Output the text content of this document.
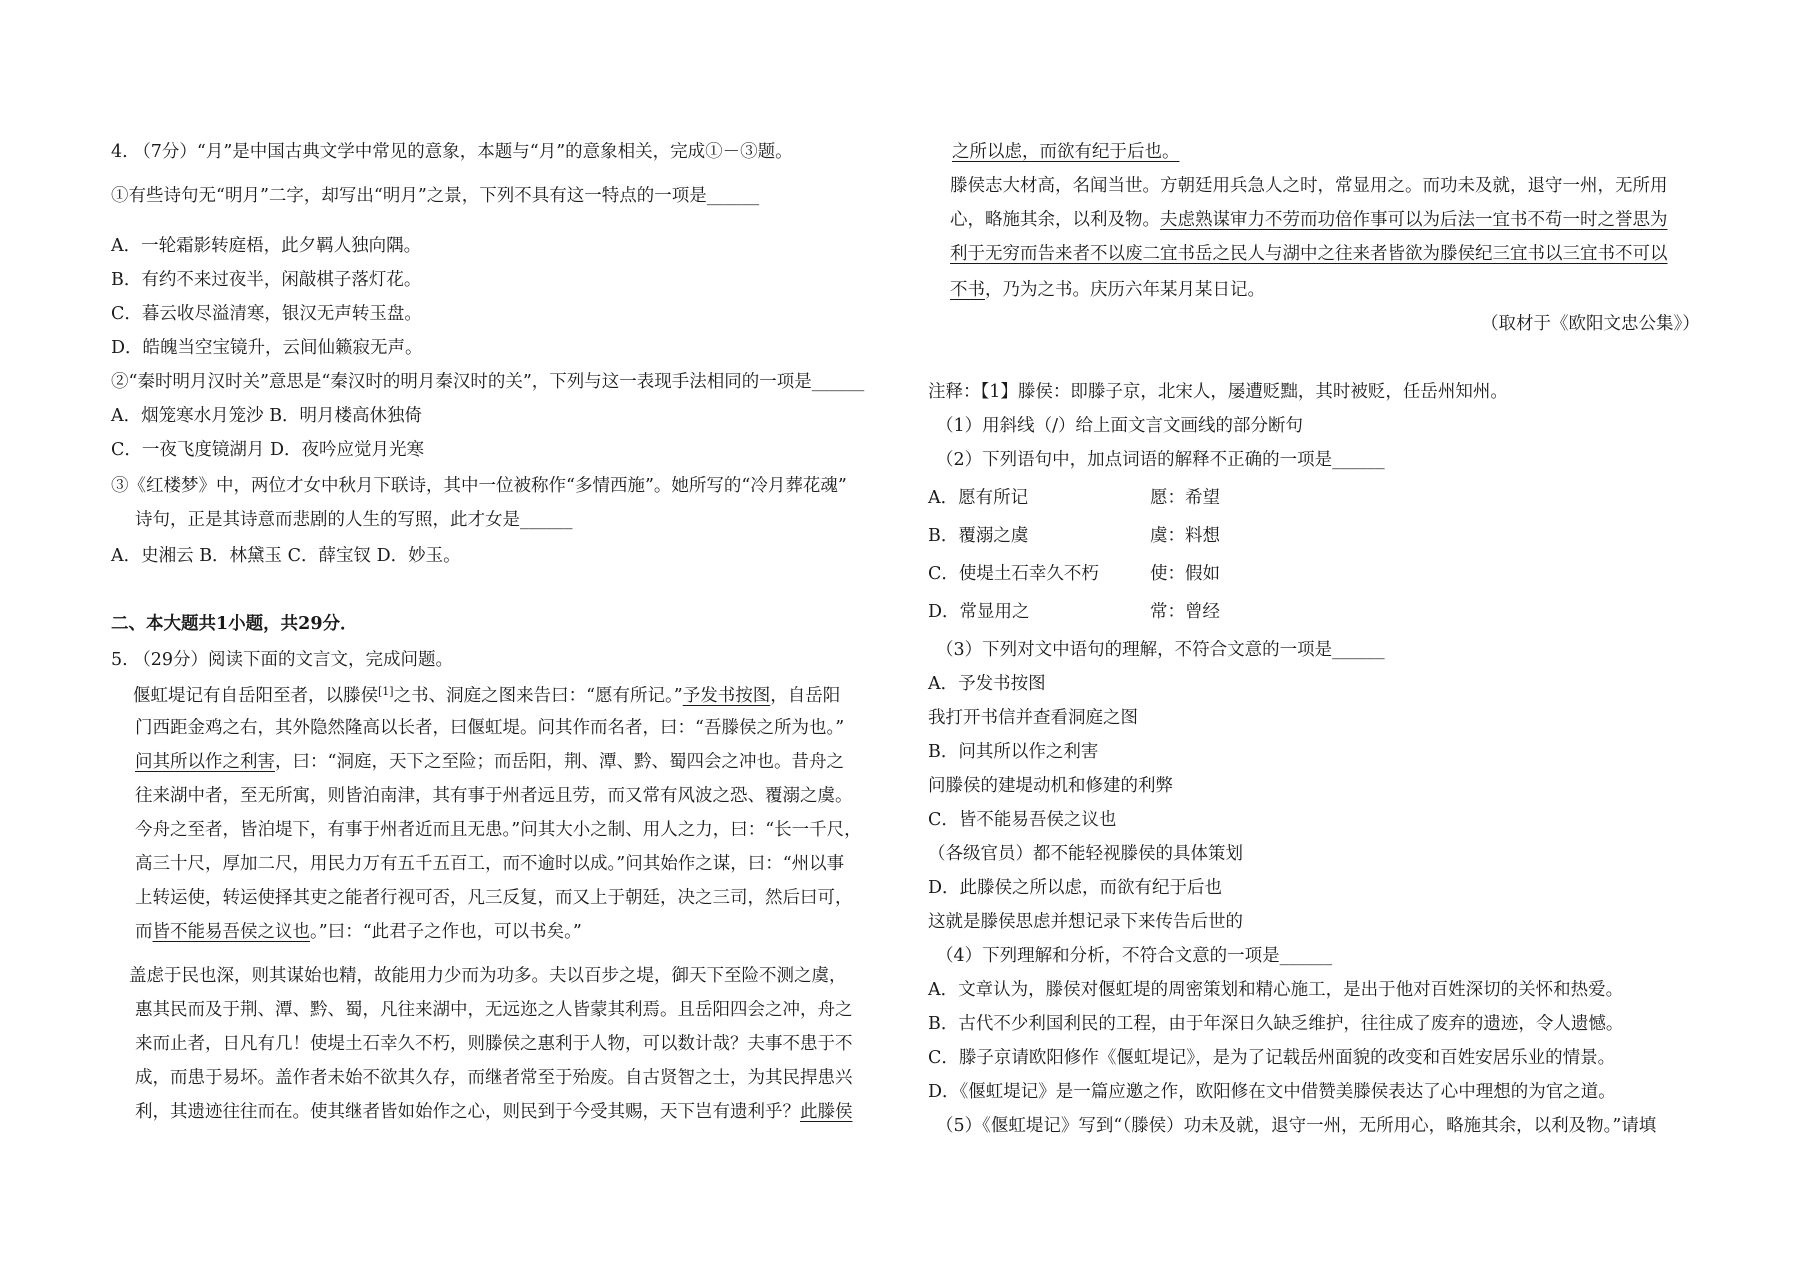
4. （7分）“月”是中国古典文学中常见的意象，本题与“月”的意象相关，完成①－③题。
①有些诗句无“明月”二字，却写出“明月”之景，下列不具有这一特点的一项是______
A．一轮霜影转庭梧，此夕羁人独向隅。
B．有约不来过夜半，闲敲棋子落灯花。
C．暮云收尽溢清寒，银汉无声转玉盘。
D．皓魄当空宝镜升，云间仙籁寂无声。
②“秦时明月汉时关”意思是“秦汉时的明月秦汉时的关”，下列与这一表现手法相同的一项是______
A．烟笼寒水月笼沙 B．明月楼高休独倚
C．一夜飞度镜湖月 D．夜吟应觉月光寒
③《红楼梦》中，两位才女中秋月下联诗，其中一位被称作“多情西施”。她所写的“冷月葬花魂”
诗句，正是其诗意而悲剧的人生的写照，此才女是______
A．史湘云 B．林黛玉 C．薛宝钗 D．妙玉。
二、本大题共1小题，共29分．
5. （29分）阅读下面的文言文，完成问题。
偃虹堤记有自岳阳至者，以滕侯[1]之书、洞庭之图来告曰：“愿有所记。”予发书按图，自岳阳
门西距金鸡之右，其外隐然隆高以长者，曰偃虹堤。问其作而名者，曰：“吾滕侯之所为也。”
问其所以作之利害，曰：“洞庭，天下之至险；而岳阳，荆、潭、黔、蜀四会之冲也。昔舟之
往来湖中者，至无所寓，则皆泊南津，其有事于州者远且劳，而又常有风波之恐、覆溺之虞。
今舟之至者，皆泊堤下，有事于州者近而且无患。”问其大小之制、用人之力，曰：“长一千尺，
高三十尺，厚加二尺，用民力万有五千五百工，而不逾时以成。”问其始作之谋，曰：“州以事
上转运使，转运使择其吏之能者行视可否，凡三反复，而又上于朝廷，决之三司，然后曰可，
而皆不能易吾侯之议也。”曰：“此君子之作也，可以书矣。”
盖虑于民也深，则其谋始也精，故能用力少而为功多。夫以百步之堤，御天下至险不测之虞，
惠其民而及于荆、潭、黔、蜀，凡往来湖中，无远迩之人皆蒙其利焉。且岳阳四会之冲，舟之
来而止者，日凡有几！使堤土石幸久不朽，则滕侯之惠利于人物，可以数计哉？夫事不患于不
成，而患于易坏。盖作者未始不欲其久存，而继者常至于殆废。自古贤智之士，为其民捍患兴
利，其遗迹往往而在。使其继者皆如始作之心，则民到于今受其赐，天下岂有遗利乎？此滕侯
之所以虑，而欲有纪于后也。
滕侯志大材高，名闻当世。方朝廷用兵急人之时，常显用之。而功未及就，退守一州，无所用
心，略施其余，以利及物。夫虑熟谋审力不劳而功倍作事可以为后法一宜书不苟一时之誉思为
利于无穷而告来者不以废二宜书岳之民人与湖中之往来者皆欲为滕侯纪三宜书以三宜书不可以
不书，乃为之书。庆历六年某月某日记。
（取材于《欧阳文忠公集》）
注释：【1】滕侯：即滕子京，北宋人，屡遭贬黜，其时被贬，任岳州知州。
（1）用斜线（/）给上面文言文画线的部分断句
（2）下列语句中，加点词语的解释不正确的一项是______
A．愿有所记	愿：希望
B．覆溺之虞	虞：料想
C．使堤土石幸久不朽	使：假如
D．常显用之	常：曾经
（3）下列对文中语句的理解，不符合文意的一项是______
A．予发书按图
我打开书信并查看洞庭之图
B．问其所以作之利害
问滕侯的建堤动机和修建的利弊
C．皆不能易吾侯之议也
（各级官员）都不能轻视滕侯的具体策划
D．此滕侯之所以虑，而欲有纪于后也
这就是滕侯思虑并想记录下来传告后世的
（4）下列理解和分析，不符合文意的一项是______
A．文章认为，滕侯对偃虹堤的周密策划和精心施工，是出于他对百姓深切的关怀和热爱。
B．古代不少利国利民的工程，由于年深日久缺乏维护，往往成了废弃的遗迹，令人遗憾。
C．滕子京请欧阳修作《偃虹堤记》，是为了记载岳州面貌的改变和百姓安居乐业的情景。
D．《偃虹堤记》是一篇应邀之作，欧阳修在文中借赞美滕侯表达了心中理想的为官之道。
（5）《偃虹堤记》写到“（滕侯）功未及就，退守一州，无所用心，略施其余，以利及物。”请填
